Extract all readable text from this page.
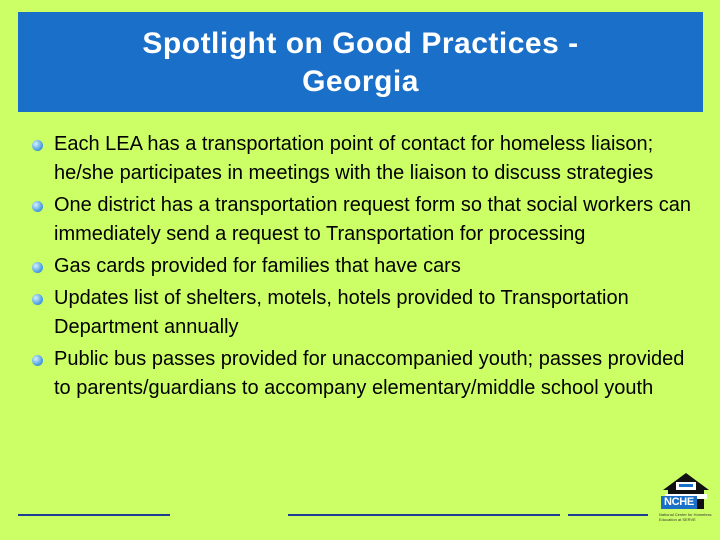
Spotlight on Good Practices -
Georgia
Each LEA has a transportation point of contact for homeless liaison; he/she participates in meetings with the liaison to discuss strategies
One district has a transportation request form so that social workers can immediately send a request to Transportation for processing
Gas cards provided for families that have cars
Updates list of shelters, motels, hotels provided to Transportation Department annually
Public bus passes provided for unaccompanied youth; passes provided to parents/guardians to accompany elementary/middle school youth
NCHE
National Center for Homeless Education at SERVE
